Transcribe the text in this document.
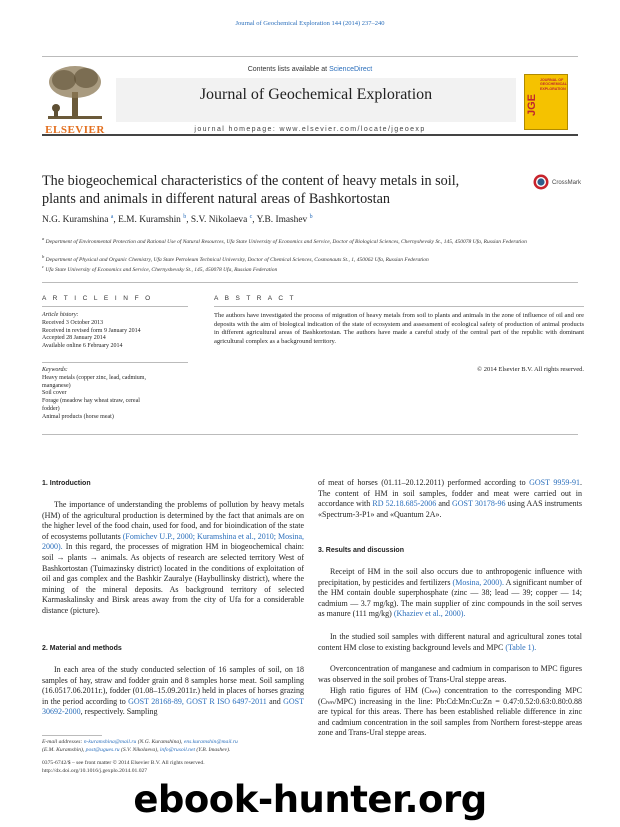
Journal of Geochemical Exploration 144 (2014) 237–240
ELSEVIER
Contents lists available at ScienceDirect
Journal of Geochemical Exploration
journal homepage: www.elsevier.com/locate/jgeoexp
JGE
JOURNAL OF
GEOCHEMICAL
EXPLORATION
The biogeochemical characteristics of the content of heavy metals in soil,
plants and animals in different natural areas of Bashkortostan
CrossMark
N.G. Kuramshina $^a$, E.M. Kuramshin $^b$, S.V. Nikolaeva $^c$, Y.B. Imashev $^b$
$^a$ Department of Environmental Protection and Rational Use of Natural Resources, Ufa State University of Economics and Service, Doctor of Biological Sciences, Chernyshevsky St., 145, 450078 Ufa, Russian Federation
$^b$ Department of Physical and Organic Chemistry, Ufa State Petroleum Technical University, Doctor of Chemical Sciences, Cosmonauts St., 1, 450062 Ufa, Russian Federation
$^c$ Ufa State University of Economics and Service, Chernyshevsky St., 145, 450078 Ufa, Russian Federation
A R T I C L E I N F O
Article history:
Received 3 October 2013
Received in revised form 9 January 2014
Accepted 28 January 2014
Available online 6 February 2014
Keywords:
Heavy metals (copper zinc, lead, cadmium,
manganese)
Soil cover
Forage (meadow hay wheat straw, cereal
fodder)
Animal products (horse meat)
A B S T R A C T
The authors have investigated the process of migration of heavy metals from soil to plants and animals in the zone of influence of oil and ore deposits with the aim of biological indication of the state of ecosystem and assessment of ecological safety of production of animal products in different agricultural areas of Bashkortostan. The authors have made a careful study of the central part of the republic with dominant agricultural complex as a background territory.
© 2014 Elsevier B.V. All rights reserved.
1. Introduction
The importance of understanding the problems of pollution by heavy metals (HM) of the agricultural production is determined by the fact that animals are on the higher level of the food chain, used for food, and for bioindication of the state of ecosystems pollutants (Fomichev U.P., 2000; Kuramshina et al., 2010; Mosina, 2000). In this regard, the processes of migration HM in biogeochemical chain: soil → plants → animals. As objects of research are selected territory West of Bashkortostan (Tuimazinsky district) located in the conditions of exploitation of oil and gas complex and the Bashkir Zauralye (Haybullinsky district), where the mining of the mineral deposits. As background territory of selected Karmaskalinsky and Birsk areas away from the city of Ufa for a considerable distance (picture).
2. Material and methods
In each area of the study conducted selection of 16 samples of soil, on 18 samples of hay, straw and fodder grain and 8 samples horse meat. Soil sampling (16.0517.06.2011г.), fodder (01.08–15.09.2011г.) held in places of horses grazing in the period according to GOST 28168-89, GOST R ISO 6497-2011 and GOST 30692-2000, respectively. Sampling
E-mail addresses: n-kuramshina@mail.ru (N.G. Kuramshina), ens.kuramshin@mail.ru
(E.M. Kuramshin), post@ugues.ru (S.V. Nikolaeva), info@rusoil.net (Y.B. Imashev).
0375-6742/$ – see front matter © 2014 Elsevier B.V. All rights reserved.
http://dx.doi.org/10.1016/j.gexplo.2014.01.027
of meat of horses (01.11–20.12.2011) performed according to GOST 9959-91. The content of HM in soil samples, fodder and meat were carried out in accordance with RD 52.18.685-2006 and GOST 30178-96 using AAS instruments «Spectrum-3-P1» and «Quantum 2A».
3. Results and discussion
Receipt of HM in the soil also occurs due to anthropogenic influence with precipitation, by pesticides and fertilizers (Mosina, 2000). A significant number of the HM contain double superphosphate (zinc — 38; lead — 39; copper — 14; cadmium — 3.7 mg/kg). The main supplier of zinc compounds in the soil serves as manure (111 mg/kg) (Khaziev et al., 2000).
In the studied soil samples with different natural and agricultural zones total content HM close to existing background levels and MPC (Table 1).
Overconcentration of manganese and cadmium in comparison to MPC figures was observed in the soil probes of Trans-Ural steppe areas.
High ratio figures of HM (Cₕₘ) concentration to the corresponding MPC (Cₕₘ/MPC) increasing in the line: Pb:Cd:Mn:Cu:Zn = 0.47:0.52:0.63:0.80:0.88 are typical for this areas. There has been established reliable difference in zinc and cadmium concentration in the soil samples from Northern forest-steppe areas zone and Trans-Ural steppe areas.
ebook-hunter.org
